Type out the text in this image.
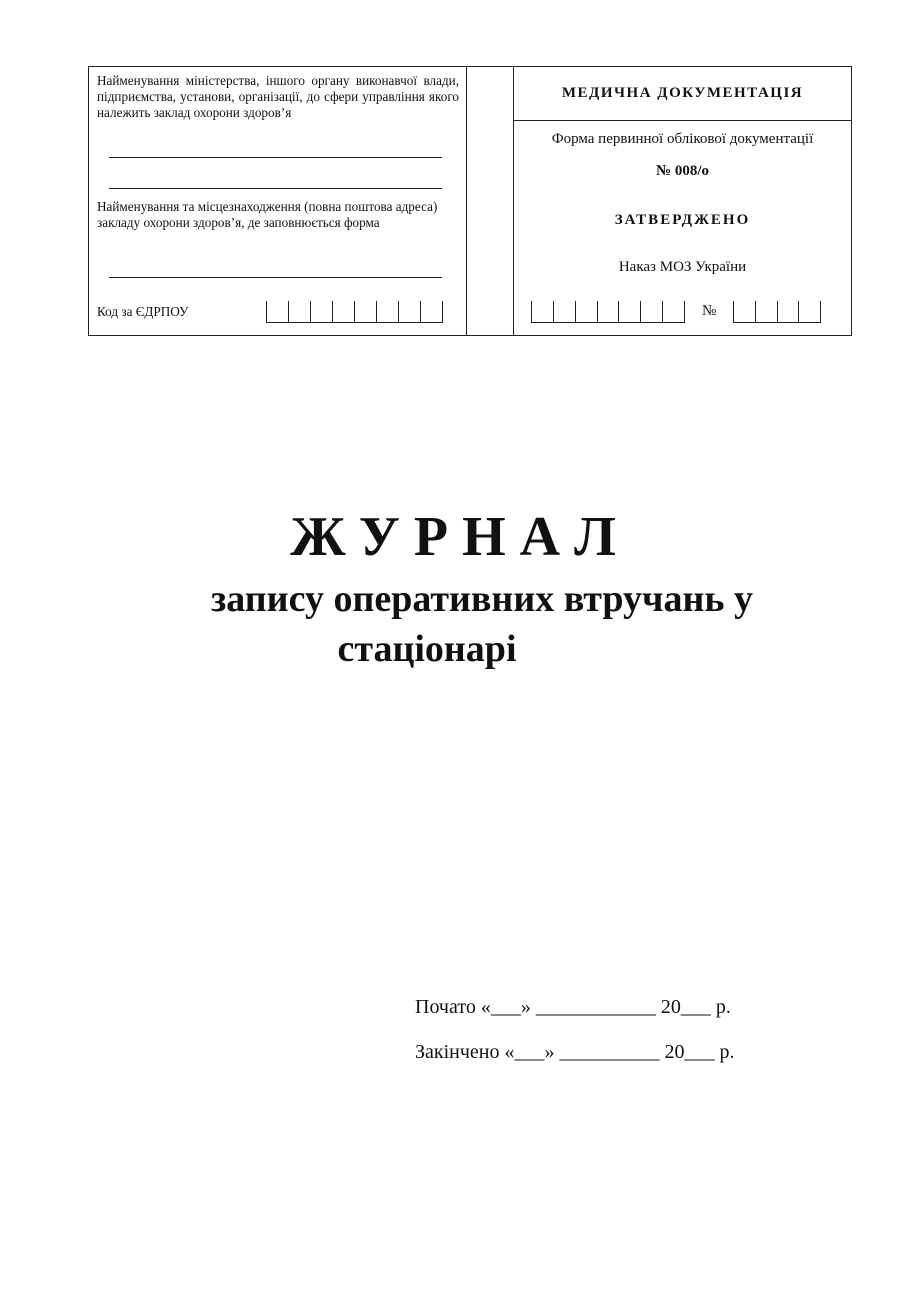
Найменування міністерства, іншого органу виконавчої влади, підприємства, установи, організації, до сфери управління якого належить заклад охорони здоров’я
Найменування та місцезнаходження (повна поштова адреса) закладу охорони здоров’я, де заповнюється форма
Код за ЄДРПОУ
МЕДИЧНА ДОКУМЕНТАЦІЯ
Форма первинної облікової документації
№ 008/о
ЗАТВЕРДЖЕНО
Наказ МОЗ України
№
ЖУРНАЛ
запису оперативних втручань у
стаціонарі
Почато «___» ____________ 20___ р.
Закінчено «___» __________ 20___ р.
